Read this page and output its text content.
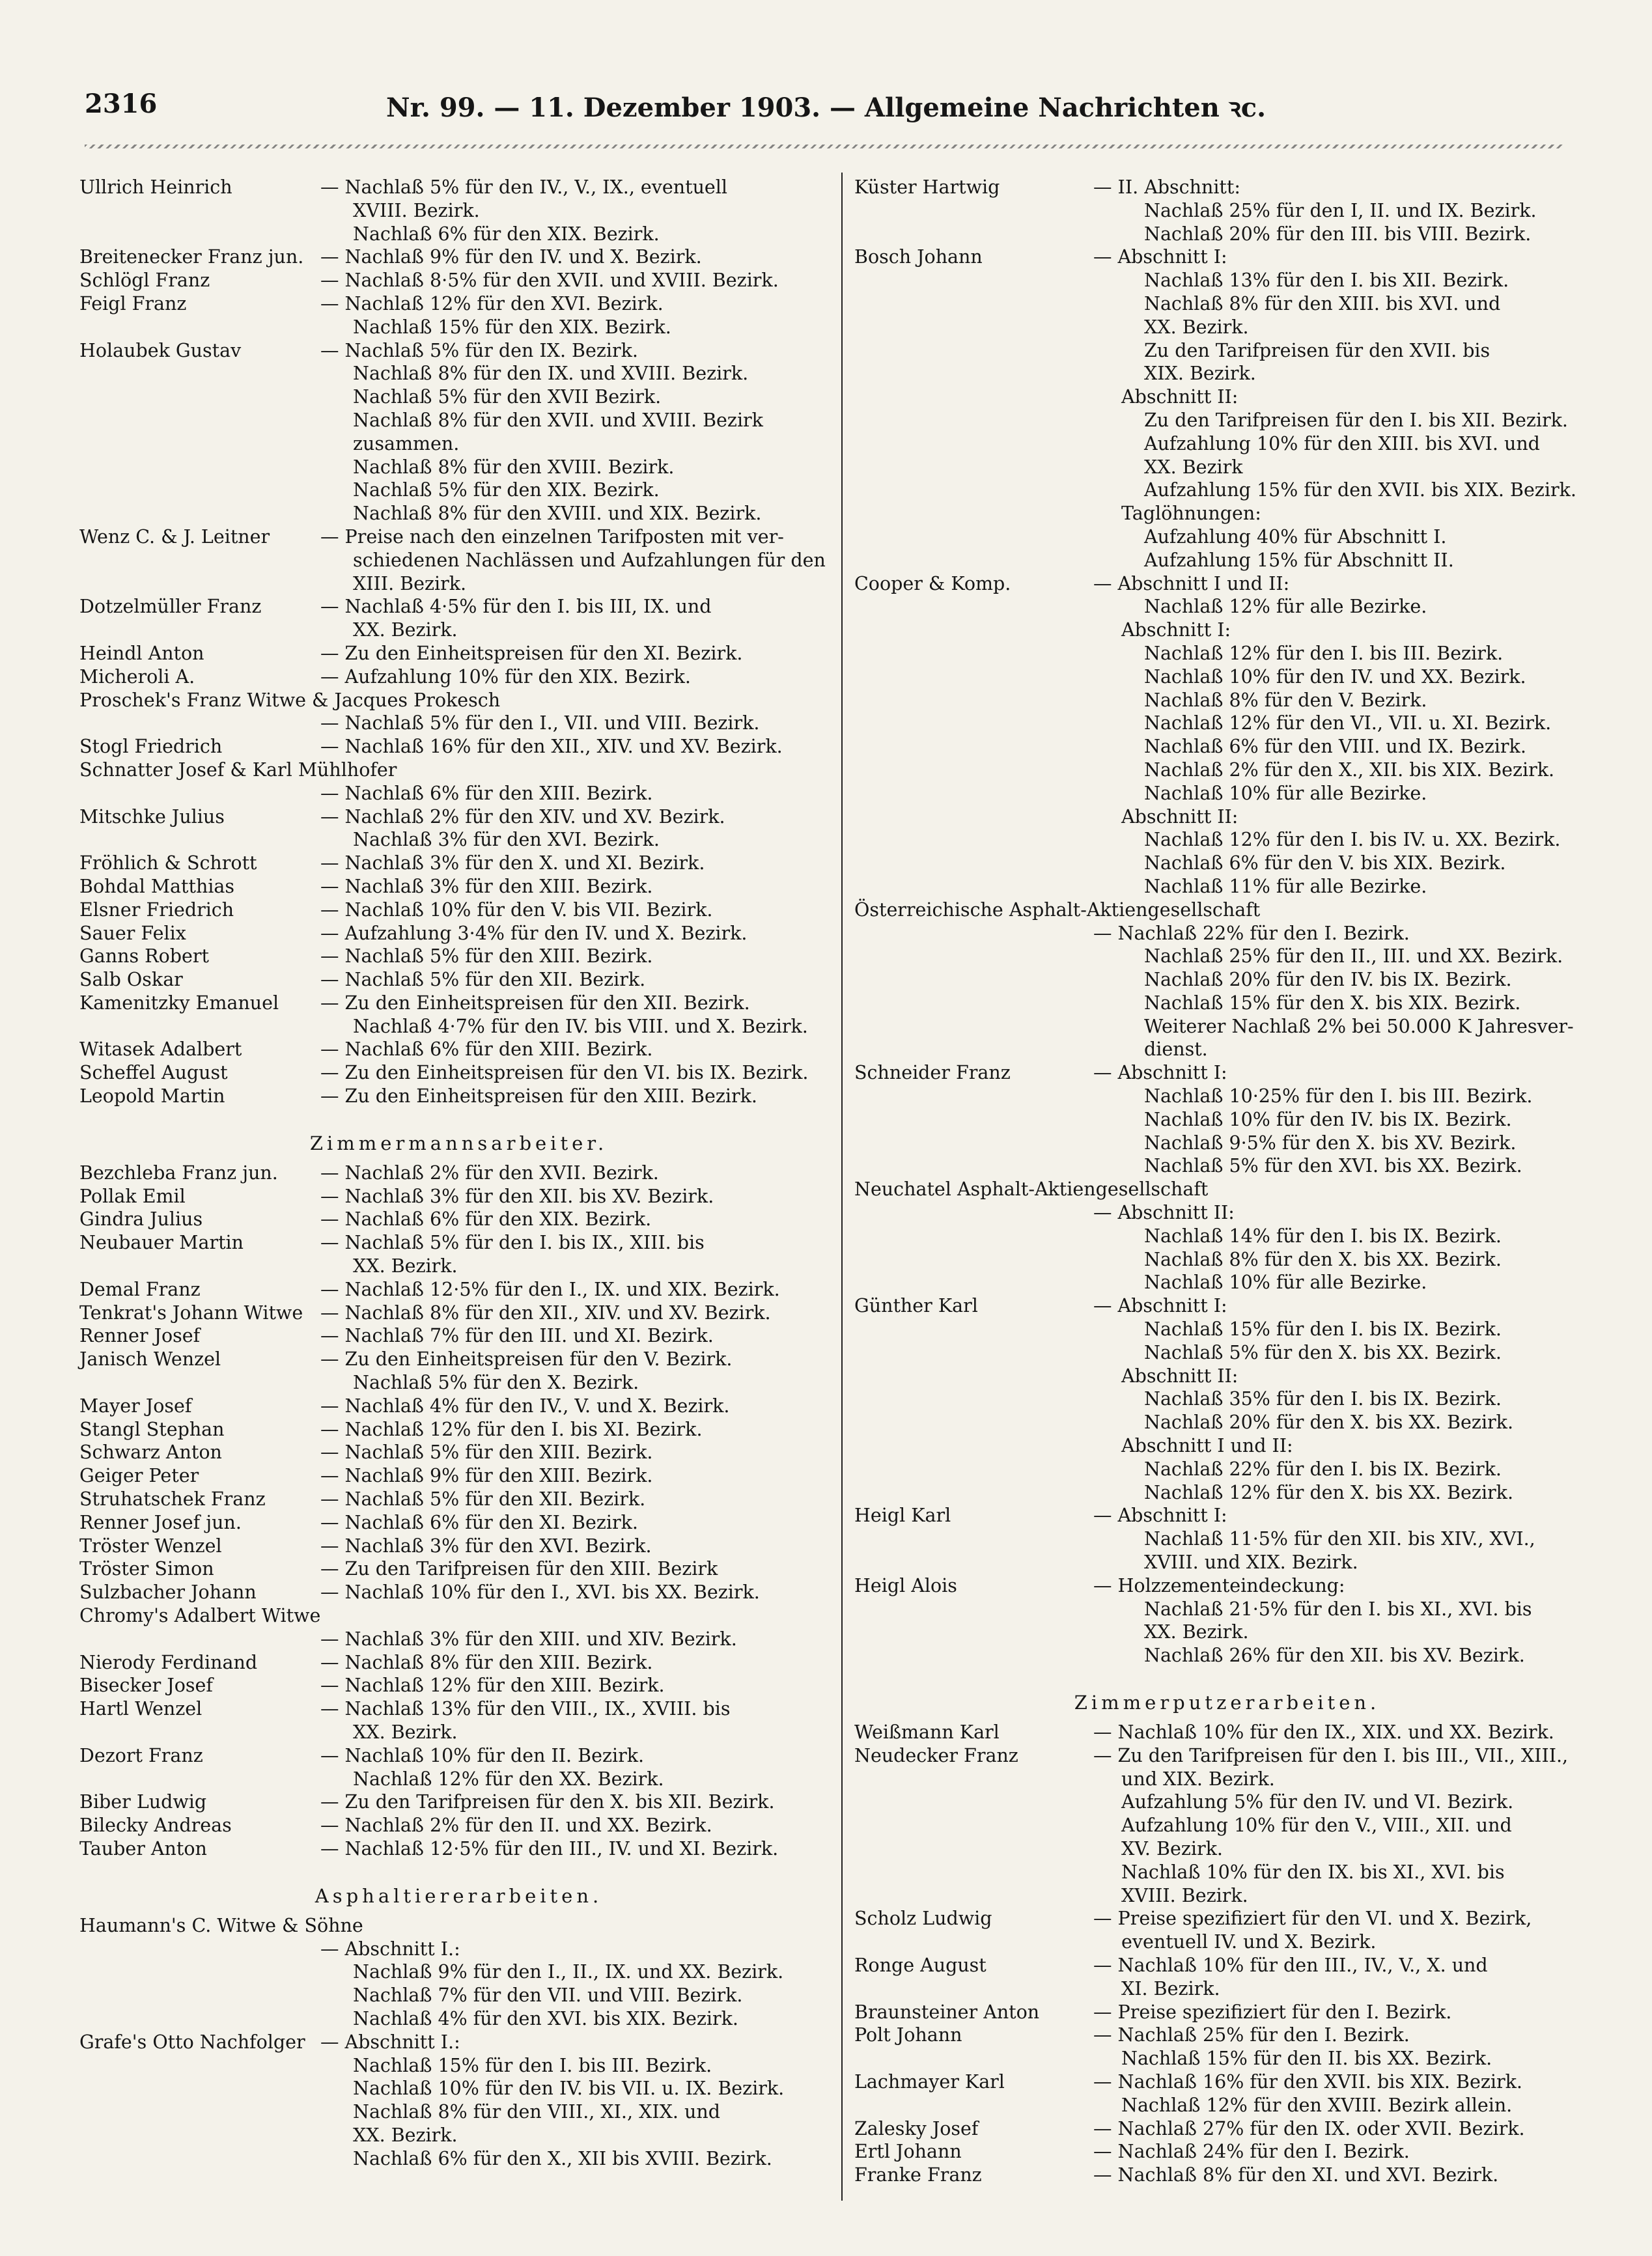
2316	Nr. 99. — 11. Dezember 1903. — Allgemeine Nachrichten ꝛc.
Ullrich Heinrich	— Nachlaß 5% für den IV., V., IX., eventuell
XVIII. Bezirk.
Nachlaß 6% für den XIX. Bezirk.
Breitenecker Franz jun. — Nachlaß 9% für den IV. und X. Bezirk.
Schlögl Franz	— Nachlaß 8·5% für den XVII. und XVIII. Bezirk.
Feigl Franz	— Nachlaß 12% für den XVI. Bezirk.
Nachlaß 15% für den XIX. Bezirk.
Holaubek Gustav	— Nachlaß 5% für den IX. Bezirk.
Nachlaß 8% für den IX. und XVIII. Bezirk.
Nachlaß 5% für den XVII Bezirk.
Nachlaß 8% für den XVII. und XVIII. Bezirk
zusammen.
Nachlaß 8% für den XVIII. Bezirk.
Nachlaß 5% für den XIX. Bezirk.
Nachlaß 8% für den XVIII. und XIX. Bezirk.
Wenz C. & J. Leitner	— Preise nach den einzelnen Tarifposten mit ver-
schiedenen Nachlässen und Aufzahlungen für den
XIII. Bezirk.
Dotzelmüller Franz	— Nachlaß 4·5% für den I. bis III, IX. und
XX. Bezirk.
Heindl Anton	— Zu den Einheitspreisen für den XI. Bezirk.
Micheroli A.	— Aufzahlung 10% für den XIX. Bezirk.
Proschek's Franz Witwe & Jacques Prokesch
— Nachlaß 5% für den I., VII. und VIII. Bezirk.
Stogl Friedrich	— Nachlaß 16% für den XII., XIV. und XV. Bezirk.
Schnatter Josef & Karl Mühlhofer
— Nachlaß 6% für den XIII. Bezirk.
Mitschke Julius	— Nachlaß 2% für den XIV. und XV. Bezirk.
Nachlaß 3% für den XVI. Bezirk.
Fröhlich & Schrott	— Nachlaß 3% für den X. und XI. Bezirk.
Bohdal Matthias	— Nachlaß 3% für den XIII. Bezirk.
Elsner Friedrich	— Nachlaß 10% für den V. bis VII. Bezirk.
Sauer Felix	— Aufzahlung 3·4% für den IV. und X. Bezirk.
Ganns Robert	— Nachlaß 5% für den XIII. Bezirk.
Salb Oskar	— Nachlaß 5% für den XII. Bezirk.
Kamenitzky Emanuel — Zu den Einheitspreisen für den XII. Bezirk.
Nachlaß 4·7% für den IV. bis VIII. und X. Bezirk.
Witasek Adalbert	— Nachlaß 6% für den XIII. Bezirk.
Scheffel August	— Zu den Einheitspreisen für den VI. bis IX. Bezirk.
Leopold Martin	— Zu den Einheitspreisen für den XIII. Bezirk.
Zimmermannsarbeiter.
Bezchleba Franz jun. — Nachlaß 2% für den XVII. Bezirk.
Pollak Emil	— Nachlaß 3% für den XII. bis XV. Bezirk.
Gindra Julius	— Nachlaß 6% für den XIX. Bezirk.
Neubauer Martin	— Nachlaß 5% für den I. bis IX., XIII. bis
XX. Bezirk.
Demal Franz	— Nachlaß 12·5% für den I., IX. und XIX. Bezirk.
Tenkrat's Johann Witwe — Nachlaß 8% für den XII., XIV. und XV. Bezirk.
Renner Josef	— Nachlaß 7% für den III. und XI. Bezirk.
Janisch Wenzel	— Zu den Einheitspreisen für den V. Bezirk.
Nachlaß 5% für den X. Bezirk.
Mayer Josef	— Nachlaß 4% für den IV., V. und X. Bezirk.
Stangl Stephan	— Nachlaß 12% für den I. bis XI. Bezirk.
Schwarz Anton	— Nachlaß 5% für den XIII. Bezirk.
Geiger Peter	— Nachlaß 9% für den XIII. Bezirk.
Struhatschek Franz	— Nachlaß 5% für den XII. Bezirk.
Renner Josef jun.	— Nachlaß 6% für den XI. Bezirk.
Tröster Wenzel	— Nachlaß 3% für den XVI. Bezirk.
Tröster Simon	— Zu den Tarifpreisen für den XIII. Bezirk
Sulzbacher Johann	— Nachlaß 10% für den I., XVI. bis XX. Bezirk.
Chromy's Adalbert Witwe
— Nachlaß 3% für den XIII. und XIV. Bezirk.
Nierody Ferdinand	— Nachlaß 8% für den XIII. Bezirk.
Bisecker Josef	— Nachlaß 12% für den XIII. Bezirk.
Hartl Wenzel	— Nachlaß 13% für den VIII., IX., XVIII. bis
XX. Bezirk.
Dezort Franz	— Nachlaß 10% für den II. Bezirk.
Nachlaß 12% für den XX. Bezirk.
Biber Ludwig	— Zu den Tarifpreisen für den X. bis XII. Bezirk.
Bilecky Andreas	— Nachlaß 2% für den II. und XX. Bezirk.
Tauber Anton	— Nachlaß 12·5% für den III., IV. und XI. Bezirk.
Asphaltiererarbeiten.
Haumann's C. Witwe & Söhne
— Abschnitt I.:
Nachlaß 9% für den I., II., IX. und XX. Bezirk.
Nachlaß 7% für den VII. und VIII. Bezirk.
Nachlaß 4% für den XVI. bis XIX. Bezirk.
Grafe's Otto Nachfolger — Abschnitt I.:
Nachlaß 15% für den I. bis III. Bezirk.
Nachlaß 10% für den IV. bis VII. u. IX. Bezirk.
Nachlaß 8% für den VIII., XI., XIX. und
XX. Bezirk.
Nachlaß 6% für den X., XII bis XVIII. Bezirk.
Küster Hartwig	— II. Abschnitt:
Nachlaß 25% für den I, II. und IX. Bezirk.
Nachlaß 20% für den III. bis VIII. Bezirk.
Bosch Johann	— Abschnitt I:
Nachlaß 13% für den I. bis XII. Bezirk.
Nachlaß 8% für den XIII. bis XVI. und
XX. Bezirk.
Zu den Tarifpreisen für den XVII. bis
XIX. Bezirk.
Abschnitt II:
Zu den Tarifpreisen für den I. bis XII. Bezirk.
Aufzahlung 10% für den XIII. bis XVI. und
XX. Bezirk
Aufzahlung 15% für den XVII. bis XIX. Bezirk.
Taglöhnungen:
Aufzahlung 40% für Abschnitt I.
Aufzahlung 15% für Abschnitt II.
Cooper & Komp.	— Abschnitt I und II:
Nachlaß 12% für alle Bezirke.
Abschnitt I:
Nachlaß 12% für den I. bis III. Bezirk.
Nachlaß 10% für den IV. und XX. Bezirk.
Nachlaß 8% für den V. Bezirk.
Nachlaß 12% für den VI., VII. u. XI. Bezirk.
Nachlaß 6% für den VIII. und IX. Bezirk.
Nachlaß 2% für den X., XII. bis XIX. Bezirk.
Nachlaß 10% für alle Bezirke.
Abschnitt II:
Nachlaß 12% für den I. bis IV. u. XX. Bezirk.
Nachlaß 6% für den V. bis XIX. Bezirk.
Nachlaß 11% für alle Bezirke.
Österreichische Asphalt-Aktiengesellschaft
— Nachlaß 22% für den I. Bezirk.
Nachlaß 25% für den II., III. und XX. Bezirk.
Nachlaß 20% für den IV. bis IX. Bezirk.
Nachlaß 15% für den X. bis XIX. Bezirk.
Weiterer Nachlaß 2% bei 50.000 K Jahresver-
dienst.
Schneider Franz	— Abschnitt I:
Nachlaß 10·25% für den I. bis III. Bezirk.
Nachlaß 10% für den IV. bis IX. Bezirk.
Nachlaß 9·5% für den X. bis XV. Bezirk.
Nachlaß 5% für den XVI. bis XX. Bezirk.
Neuchatel Asphalt-Aktiengesellschaft
— Abschnitt II:
Nachlaß 14% für den I. bis IX. Bezirk.
Nachlaß 8% für den X. bis XX. Bezirk.
Nachlaß 10% für alle Bezirke.
Günther Karl	— Abschnitt I:
Nachlaß 15% für den I. bis IX. Bezirk.
Nachlaß 5% für den X. bis XX. Bezirk.
Abschnitt II:
Nachlaß 35% für den I. bis IX. Bezirk.
Nachlaß 20% für den X. bis XX. Bezirk.
Abschnitt I und II:
Nachlaß 22% für den I. bis IX. Bezirk.
Nachlaß 12% für den X. bis XX. Bezirk.
Heigl Karl	— Abschnitt I:
Nachlaß 11·5% für den XII. bis XIV., XVI.,
XVIII. und XIX. Bezirk.
Heigl Alois	— Holzzementeindeckung:
Nachlaß 21·5% für den I. bis XI., XVI. bis
XX. Bezirk.
Nachlaß 26% für den XII. bis XV. Bezirk.
Zimmerputzerarbeiten.
Weißmann Karl	— Nachlaß 10% für den IX., XIX. und XX. Bezirk.
Neudecker Franz	— Zu den Tarifpreisen für den I. bis III., VII., XIII.,
und XIX. Bezirk.
Aufzahlung 5% für den IV. und VI. Bezirk.
Aufzahlung 10% für den V., VIII., XII. und
XV. Bezirk.
Nachlaß 10% für den IX. bis XI., XVI. bis
XVIII. Bezirk.
Scholz Ludwig	— Preise spezifiziert für den VI. und X. Bezirk,
eventuell IV. und X. Bezirk.
Ronge August	— Nachlaß 10% für den III., IV., V., X. und
XI. Bezirk.
Braunsteiner Anton	— Preise spezifiziert für den I. Bezirk.
Polt Johann	— Nachlaß 25% für den I. Bezirk.
Nachlaß 15% für den II. bis XX. Bezirk.
Lachmayer Karl	— Nachlaß 16% für den XVII. bis XIX. Bezirk.
Nachlaß 12% für den XVIII. Bezirk allein.
Zalesky Josef	— Nachlaß 27% für den IX. oder XVII. Bezirk.
Ertl Johann	— Nachlaß 24% für den I. Bezirk.
Franke Franz	— Nachlaß 8% für den XI. und XVI. Bezirk.
